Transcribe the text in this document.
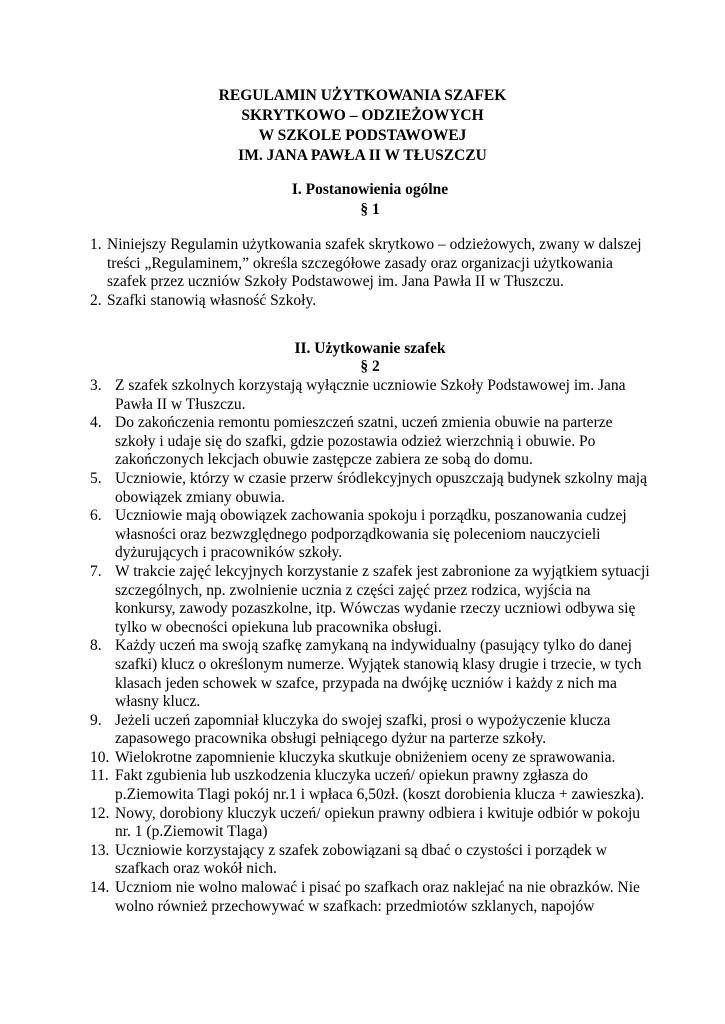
REGULAMIN UŻYTKOWANIA SZAFEK
SKRYTKOWO – ODZIEŻOWYCH
W SZKOLE PODSTAWOWEJ
IM. JANA PAWŁA II W TŁUSZCZU
I. Postanowienia ogólne
§ 1
1. Niniejszy Regulamin użytkowania szafek skrytkowo – odzieżowych, zwany w dalszej treści „Regulaminem,” określa szczegółowe zasady oraz organizacji użytkowania szafek przez uczniów Szkoły Podstawowej im. Jana Pawła II w Tłuszczu.
2. Szafki stanowią własność Szkoły.
II. Użytkowanie szafek
§ 2
3. Z szafek szkolnych korzystają wyłącznie uczniowie Szkoły Podstawowej im. Jana Pawła II w Tłuszczu.
4. Do zakończenia remontu pomieszczeń szatni, uczeń zmienia obuwie na parterze szkoły i udaje się do szafki, gdzie pozostawia odzież wierzchnią i obuwie. Po zakończonych lekcjach obuwie zastępcze zabiera ze sobą do domu.
5. Uczniowie, którzy w czasie przerw śródlekcyjnych opuszczają budynek szkolny mają obowiązek zmiany obuwia.
6. Uczniowie mają obowiązek zachowania spokoju i porządku, poszanowania cudzej własności oraz bezwzględnego podporządkowania się poleceniom nauczycieli dyżurujących i pracowników szkoły.
7. W trakcie zajęć lekcyjnych korzystanie z szafek jest zabronione za wyjątkiem sytuacji szczególnych, np. zwolnienie ucznia z części zajęć przez rodzica, wyjścia na konkursy, zawody pozaszkolne, itp. Wówczas wydanie rzeczy uczniowi odbywa się tylko w obecności opiekuna lub pracownika obsługi.
8. Każdy uczeń ma swoją szafkę zamykaną na indywidualny (pasujący tylko do danej szafki) klucz o określonym numerze. Wyjątek stanowią klasy drugie i trzecie, w tych klasach jeden schowek w szafce, przypada na dwójkę uczniów i każdy z nich ma własny klucz.
9. Jeżeli uczeń zapomniał kluczyka do swojej szafki, prosi o wypożyczenie klucza zapasowego pracownika obsługi pełniącego dyżur na parterze szkoły.
10. Wielokrotne zapomnienie kluczyka skutkuje obniżeniem oceny ze sprawowania.
11. Fakt zgubienia lub uszkodzenia kluczyka uczeń/ opiekun prawny zgłasza do p.Ziemowita Tlagi pokój nr.1 i wpłaca 6,50zł. (koszt dorobienia klucza + zawieszka).
12. Nowy, dorobiony kluczyk uczeń/ opiekun prawny odbiera i kwituje odbiór w pokoju nr. 1 (p.Ziemowit Tlaga)
13. Uczniowie korzystający z szafek zobowiązani są dbać o czystości i porządek w szafkach oraz wokół nich.
14. Uczniom nie wolno malować i pisać po szafkach oraz naklejać na nie obrazków. Nie wolno również przechowywać w szafkach: przedmiotów szklanych, napojów
